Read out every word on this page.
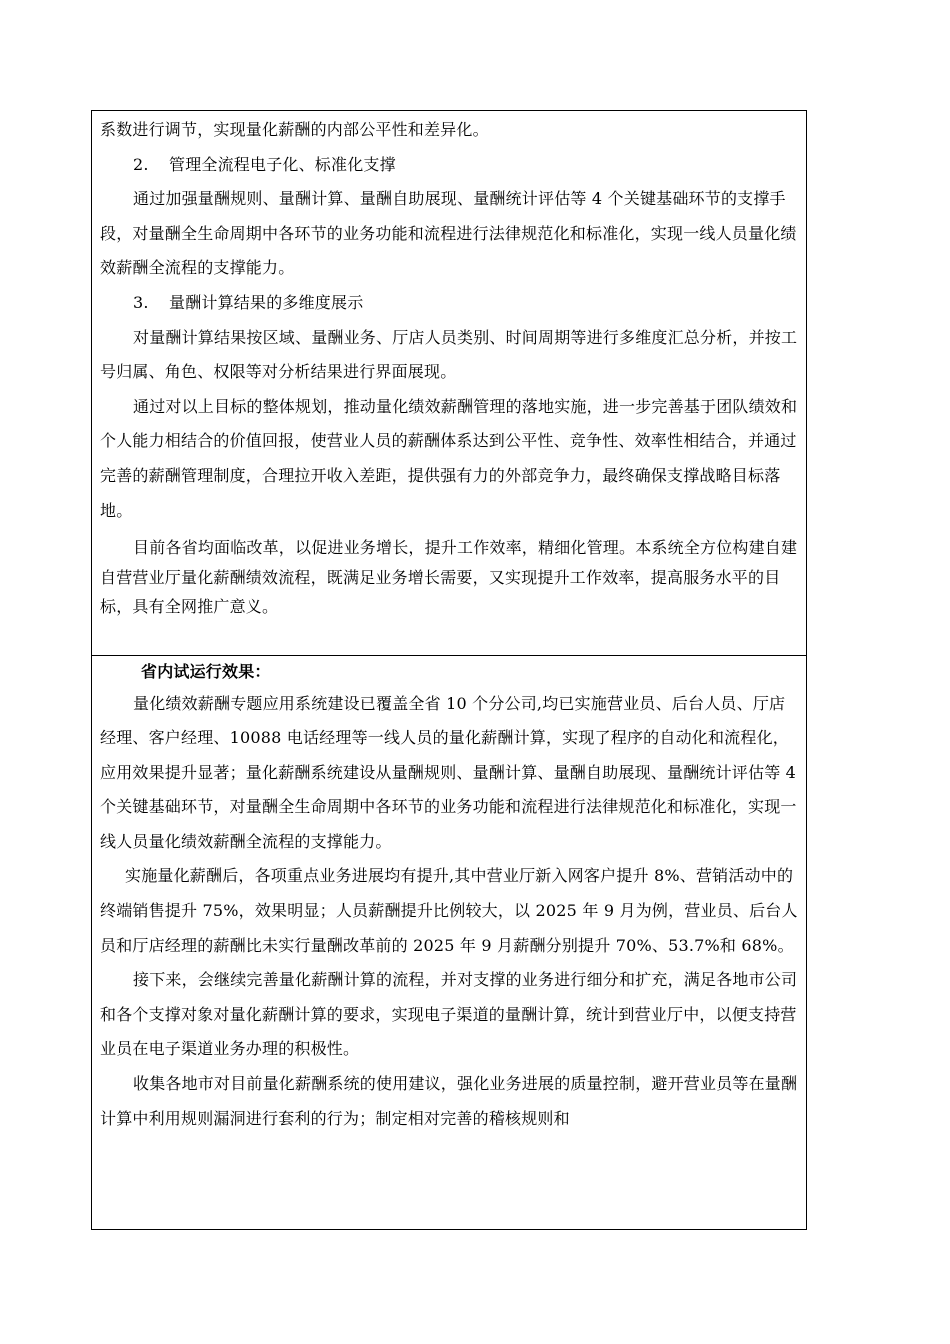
系数进行调节，实现量化薪酬的内部公平性和差异化。

2. 管理全流程电子化、标准化支撑

通过加强量酬规则、量酬计算、量酬自助展现、量酬统计评估等 4 个关键基础环节的支撑手段，对量酬全生命周期中各环节的业务功能和流程进行法律规范化和标准化，实现一线人员量化绩效薪酬全流程的支撑能力。

3. 量酬计算结果的多维度展示

对量酬计算结果按区域、量酬业务、厅店人员类别、时间周期等进行多维度汇总分析，并按工号归属、角色、权限等对分析结果进行界面展现。

通过对以上目标的整体规划，推动量化绩效薪酬管理的落地实施，进一步完善基于团队绩效和个人能力相结合的价值回报，使营业人员的薪酬体系达到公平性、竞争性、效率性相结合，并通过完善的薪酬管理制度，合理拉开收入差距，提供强有力的外部竞争力，最终确保支撑战略目标落地。

目前各省均面临改革，以促进业务增长，提升工作效率，精细化管理。本系统全方位构建自建自营营业厅量化薪酬绩效流程，既满足业务增长需要，又实现提升工作效率，提高服务水平的目标，具有全网推广意义。

省内试运行效果：

量化绩效薪酬专题应用系统建设已覆盖全省 10 个分公司,均已实施营业员、后台人员、厅店经理、客户经理、10088 电话经理等一线人员的量化薪酬计算，实现了程序的自动化和流程化，应用效果提升显著；量化薪酬系统建设从量酬规则、量酬计算、量酬自助展现、量酬统计评估等 4 个关键基础环节，对量酬全生命周期中各环节的业务功能和流程进行法律规范化和标准化，实现一线人员量化绩效薪酬全流程的支撑能力。

实施量化薪酬后，各项重点业务进展均有提升,其中营业厅新入网客户提升 8%、营销活动中的终端销售提升 75%，效果明显；人员薪酬提升比例较大，以 2025 年 9 月为例，营业员、后台人员和厅店经理的薪酬比未实行量酬改革前的 2025 年 9 月薪酬分别提升 70%、53.7%和 68%。

接下来，会继续完善量化薪酬计算的流程，并对支撑的业务进行细分和扩充，满足各地市公司和各个支撑对象对量化薪酬计算的要求，实现电子渠道的量酬计算，统计到营业厅中，以便支持营业员在电子渠道业务办理的积极性。

收集各地市对目前量化薪酬系统的使用建议，强化业务进展的质量控制，避开营业员等在量酬计算中利用规则漏洞进行套利的行为；制定相对完善的稽核规则和
